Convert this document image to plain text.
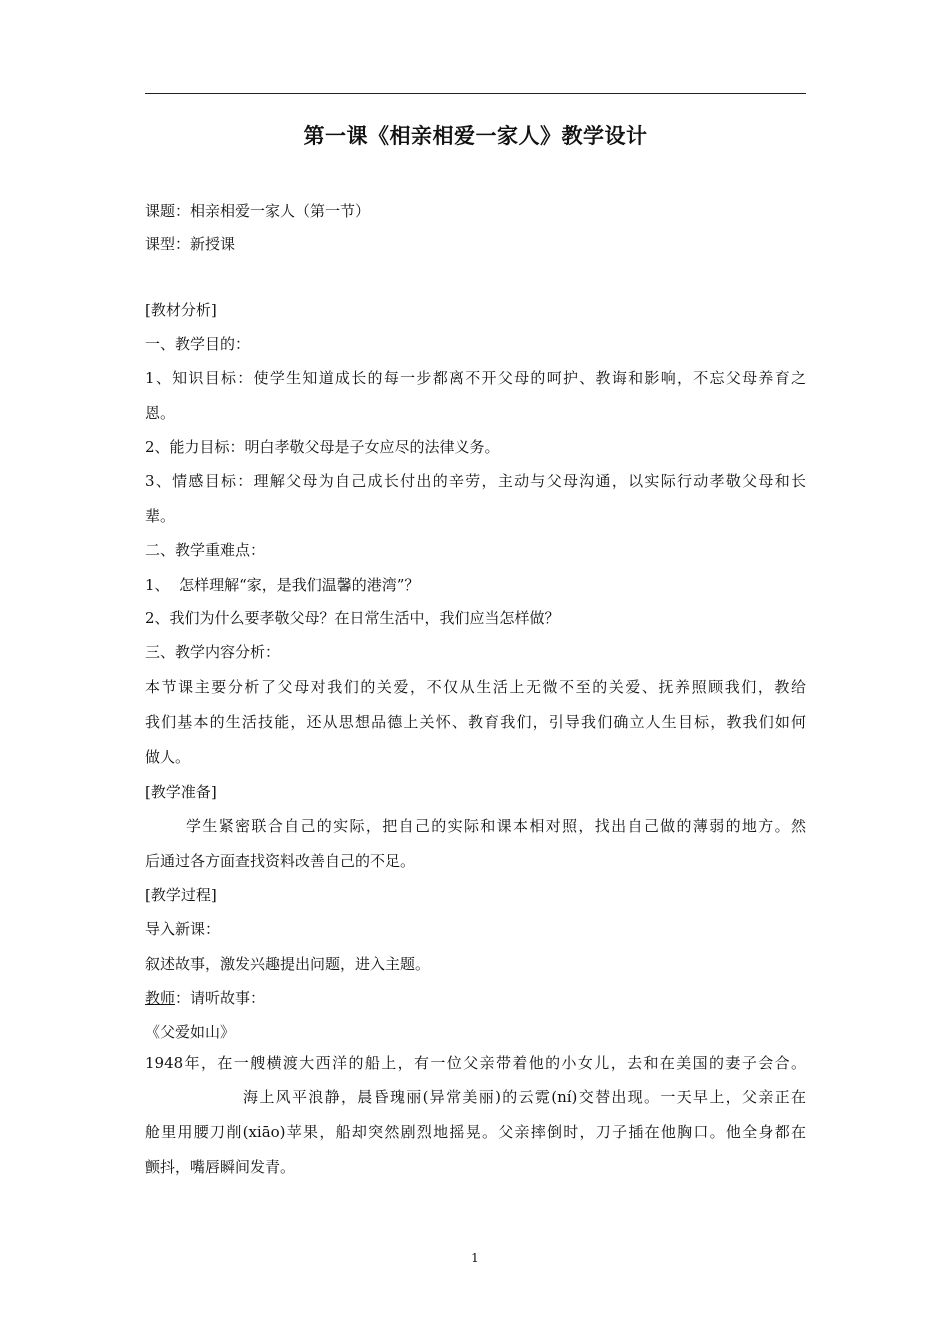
第一课《相亲相爱一家人》教学设计
课题：相亲相爱一家人（第一节）
课型：新授课
[教材分析]
一、教学目的：
1、知识目标：使学生知道成长的每一步都离不开父母的呵护、教诲和影响，不忘父母养育之
恩。
2、能力目标：明白孝敬父母是子女应尽的法律义务。
3、情感目标：理解父母为自己成长付出的辛劳，主动与父母沟通，以实际行动孝敬父母和长
辈。
二、教学重难点：
1、  怎样理解“家，是我们温馨的港湾”？
2、我们为什么要孝敬父母？在日常生活中，我们应当怎样做？
三、教学内容分析：
本节课主要分析了父母对我们的关爱，不仅从生活上无微不至的关爱、抚养照顾我们，教给
我们基本的生活技能，还从思想品德上关怀、教育我们，引导我们确立人生目标，教我们如何
做人。
[教学准备]
学生紧密联合自己的实际，把自己的实际和课本相对照，找出自己做的薄弱的地方。然
后通过各方面查找资料改善自己的不足。
[教学过程]
导入新课：
叙述故事，激发兴趣提出问题，进入主题。
教师：请听故事：
《父爱如山》
1948年，在一艘横渡大西洋的船上，有一位父亲带着他的小女儿，去和在美国的妻子会合。
海上风平浪静，晨昏瑰丽(异常美丽)的云霓(ní)交替出现。一天早上，父亲正在
舱里用腰刀削(xiāo)苹果，船却突然剧烈地摇晃。父亲摔倒时，刀子插在他胸口。他全身都在
颤抖，嘴唇瞬间发青。
1
